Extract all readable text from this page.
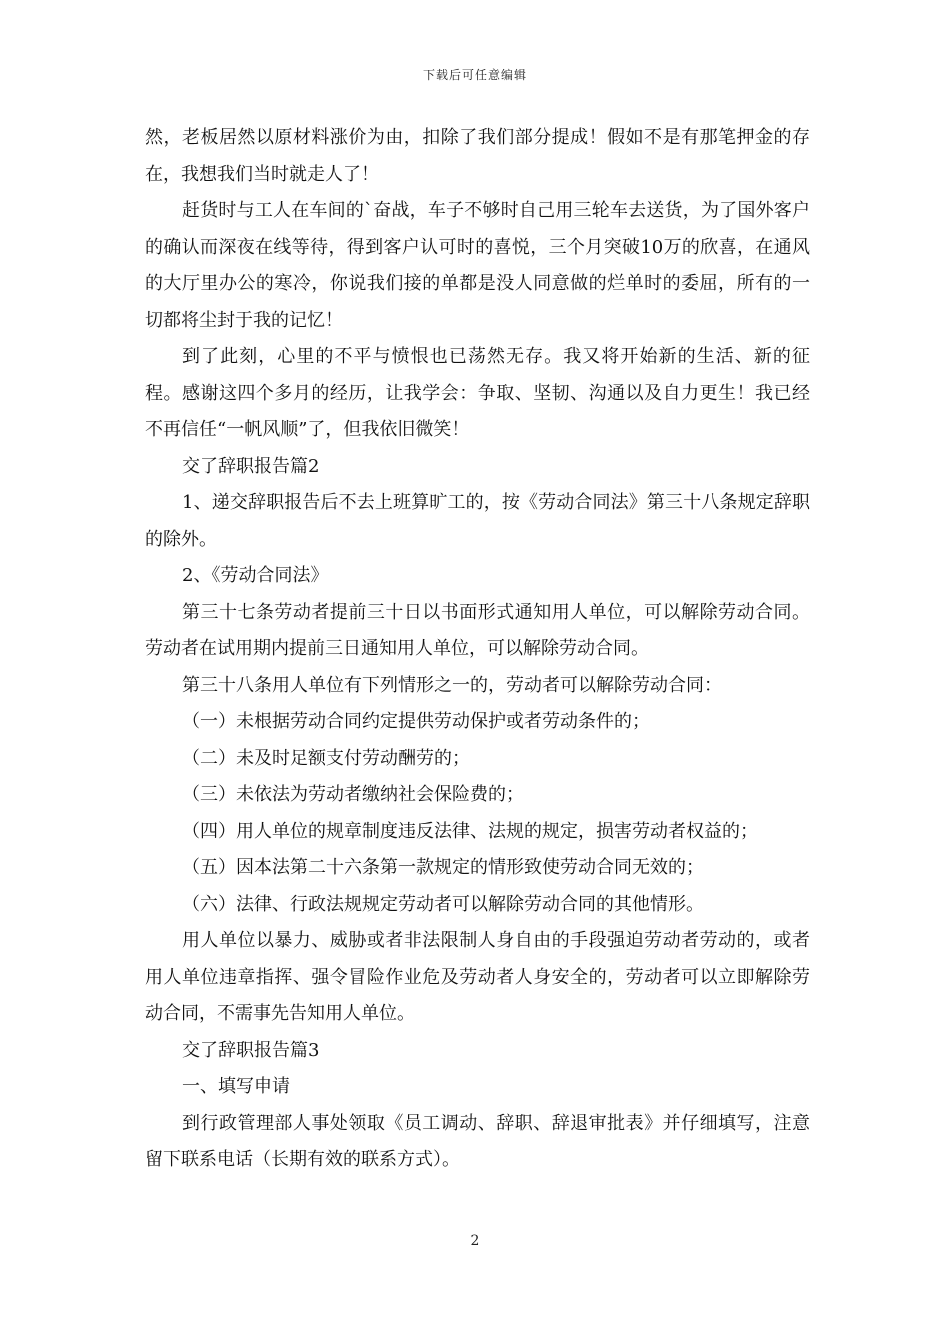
下载后可任意编辑

然，老板居然以原材料涨价为由，扣除了我们部分提成！假如不是有那笔押金的存在，我想我们当时就走人了！

赶货时与工人在车间的`奋战，车子不够时自己用三轮车去送货，为了国外客户的确认而深夜在线等待，得到客户认可时的喜悦，三个月突破10万的欣喜，在通风的大厅里办公的寒冷，你说我们接的单都是没人同意做的烂单时的委屈，所有的一切都将尘封于我的记忆！

到了此刻，心里的不平与愤恨也已荡然无存。我又将开始新的生活、新的征程。感谢这四个多月的经历，让我学会：争取、坚韧、沟通以及自力更生！我已经不再信任“一帆风顺”了，但我依旧微笑！

交了辞职报告篇2

1、递交辞职报告后不去上班算旷工的，按《劳动合同法》第三十八条规定辞职的除外。

2、《劳动合同法》

第三十七条劳动者提前三十日以书面形式通知用人单位，可以解除劳动合同。劳动者在试用期内提前三日通知用人单位，可以解除劳动合同。

第三十八条用人单位有下列情形之一的，劳动者可以解除劳动合同：

（一）未根据劳动合同约定提供劳动保护或者劳动条件的；

（二）未及时足额支付劳动酬劳的；

（三）未依法为劳动者缴纳社会保险费的；

（四）用人单位的规章制度违反法律、法规的规定，损害劳动者权益的；

（五）因本法第二十六条第一款规定的情形致使劳动合同无效的；

（六）法律、行政法规规定劳动者可以解除劳动合同的其他情形。

用人单位以暴力、威胁或者非法限制人身自由的手段强迫劳动者劳动的，或者用人单位违章指挥、强令冒险作业危及劳动者人身安全的，劳动者可以立即解除劳动合同，不需事先告知用人单位。

交了辞职报告篇3

一、填写申请

到行政管理部人事处领取《员工调动、辞职、辞退审批表》并仔细填写，注意留下联系电话（长期有效的联系方式）。

2
